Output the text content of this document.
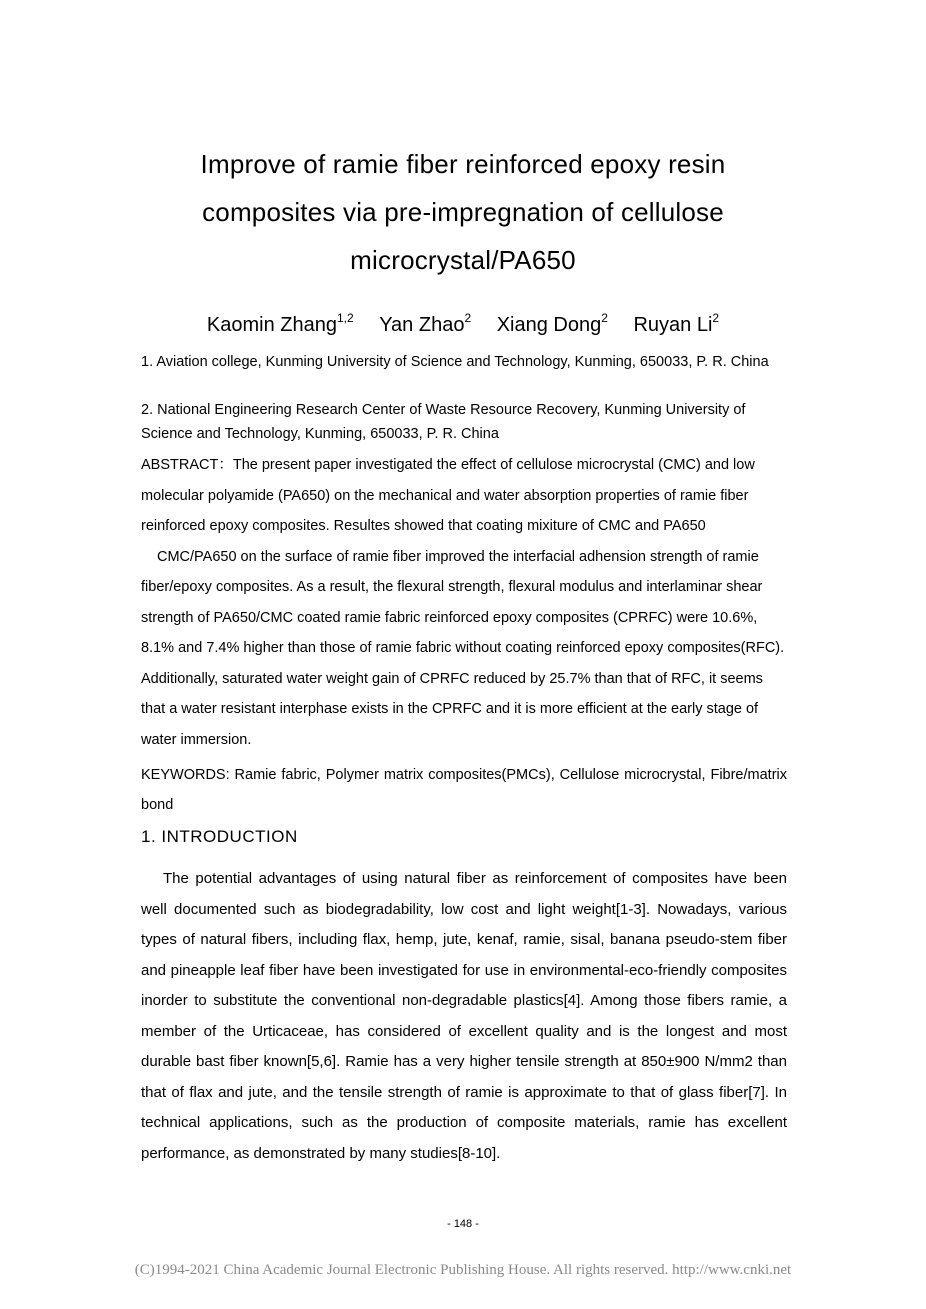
Improve of ramie fiber reinforced epoxy resin composites via pre-impregnation of cellulose microcrystal/PA650
Kaomin Zhang$^{1,2}$ Yan Zhao$^2$ Xiang Dong$^2$ Ruyan Li$^2$
1. Aviation college, Kunming University of Science and Technology, Kunming, 650033, P. R. China
2. National Engineering Research Center of Waste Resource Recovery, Kunming University of Science and Technology, Kunming, 650033, P. R. China

ABSTRACT：The present paper investigated the effect of cellulose microcrystal (CMC) and low molecular polyamide (PA650) on the mechanical and water absorption properties of ramie fiber reinforced epoxy composites. Resultes showed that coating mixiture of CMC and PA650

CMC/PA650 on the surface of ramie fiber improved the interfacial adhension strength of ramie fiber/epoxy composites. As a result, the flexural strength, flexural modulus and interlaminar shear strength of PA650/CMC coated ramie fabric reinforced epoxy composites (CPRFC) were 10.6%, 8.1% and 7.4% higher than those of ramie fabric without coating reinforced epoxy composites(RFC). Additionally, saturated water weight gain of CPRFC reduced by 25.7% than that of RFC, it seems that a water resistant interphase exists in the CPRFC and it is more efficient at the early stage of water immersion.

KEYWORDS: Ramie fabric, Polymer matrix composites(PMCs), Cellulose microcrystal, Fibre/matrix bond
1. INTRODUCTION
The potential advantages of using natural fiber as reinforcement of composites have been well documented such as biodegradability, low cost and light weight[1-3]. Nowadays, various types of natural fibers, including flax, hemp, jute, kenaf, ramie, sisal, banana pseudo-stem fiber and pineapple leaf fiber have been investigated for use in environmental-eco-friendly composites inorder to substitute the conventional non-degradable plastics[4]. Among those fibers ramie, a member of the Urticaceae, has considered of excellent quality and is the longest and most durable bast fiber known[5,6]. Ramie has a very higher tensile strength at 850±900 N/mm2 than that of flax and jute, and the tensile strength of ramie is approximate to that of glass fiber[7]. In technical applications, such as the production of composite materials, ramie has excellent performance, as demonstrated by many studies[8-10].
- 148 -
(C)1994-2021 China Academic Journal Electronic Publishing House. All rights reserved. http://www.cnki.net
